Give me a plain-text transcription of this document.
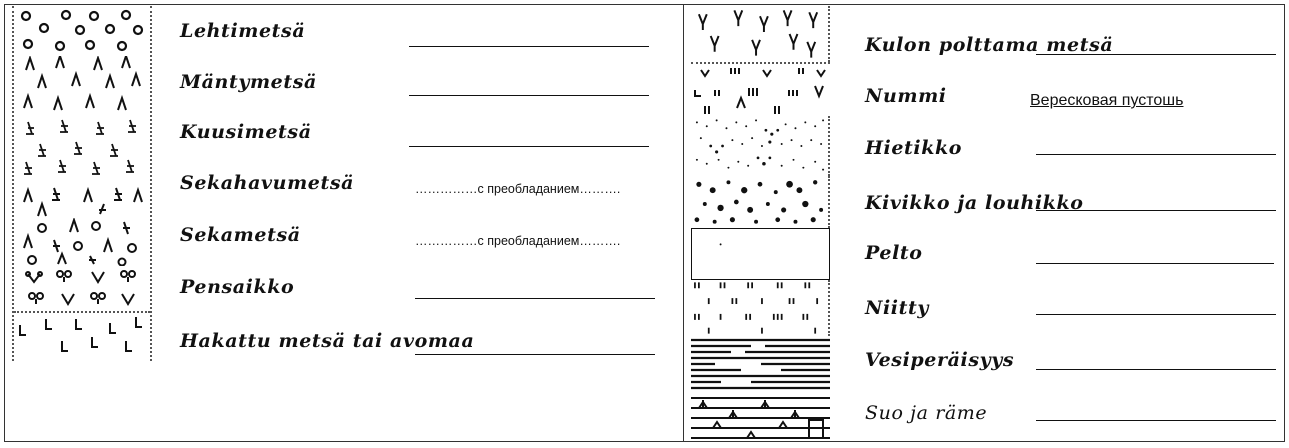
Lehtimetsä
Mäntymetsä
Kuusimetsä
Sekahavumetsä	……………с преобладанием……….
Sekametsä	……………с преобладанием……….
Pensaikko
Hakattu metsä tai avomaa
Kulon polttama metsä
Nummi	Вересковая пустошь
Hietikko
Kivikko ja louhikko
Pelto
Niitty
Vesiperäisyys
Suo ja räme
